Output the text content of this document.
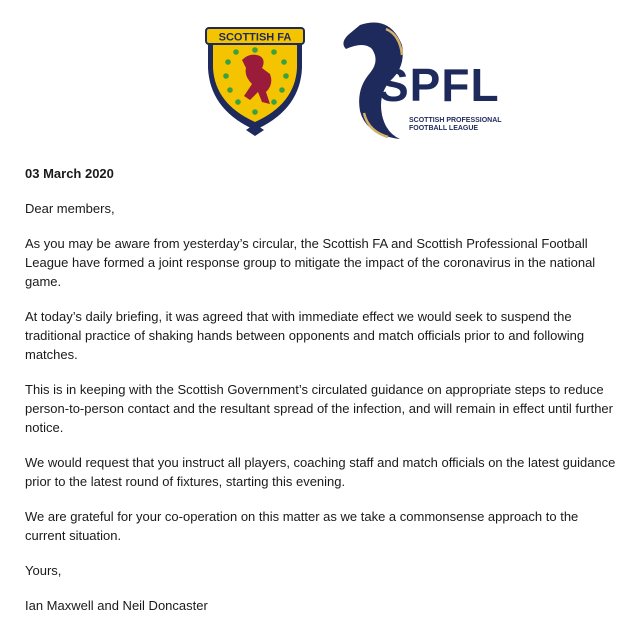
SCOTTISH FA
SPFL
SCOTTISH PROFESSIONAL
FOOTBALL LEAGUE

03 March 2020

Dear members,

As you may be aware from yesterday’s circular, the Scottish FA and Scottish Professional Football League have formed a joint response group to mitigate the impact of the coronavirus in the national game.

At today’s daily briefing, it was agreed that with immediate effect we would seek to suspend the traditional practice of shaking hands between opponents and match officials prior to and following matches.

This is in keeping with the Scottish Government’s circulated guidance on appropriate steps to reduce person-to-person contact and the resultant spread of the infection, and will remain in effect until further notice.

We would request that you instruct all players, coaching staff and match officials on the latest guidance prior to the latest round of fixtures, starting this evening.

We are grateful for your co-operation on this matter as we take a commonsense approach to the current situation.

Yours,

Ian Maxwell and Neil Doncaster
